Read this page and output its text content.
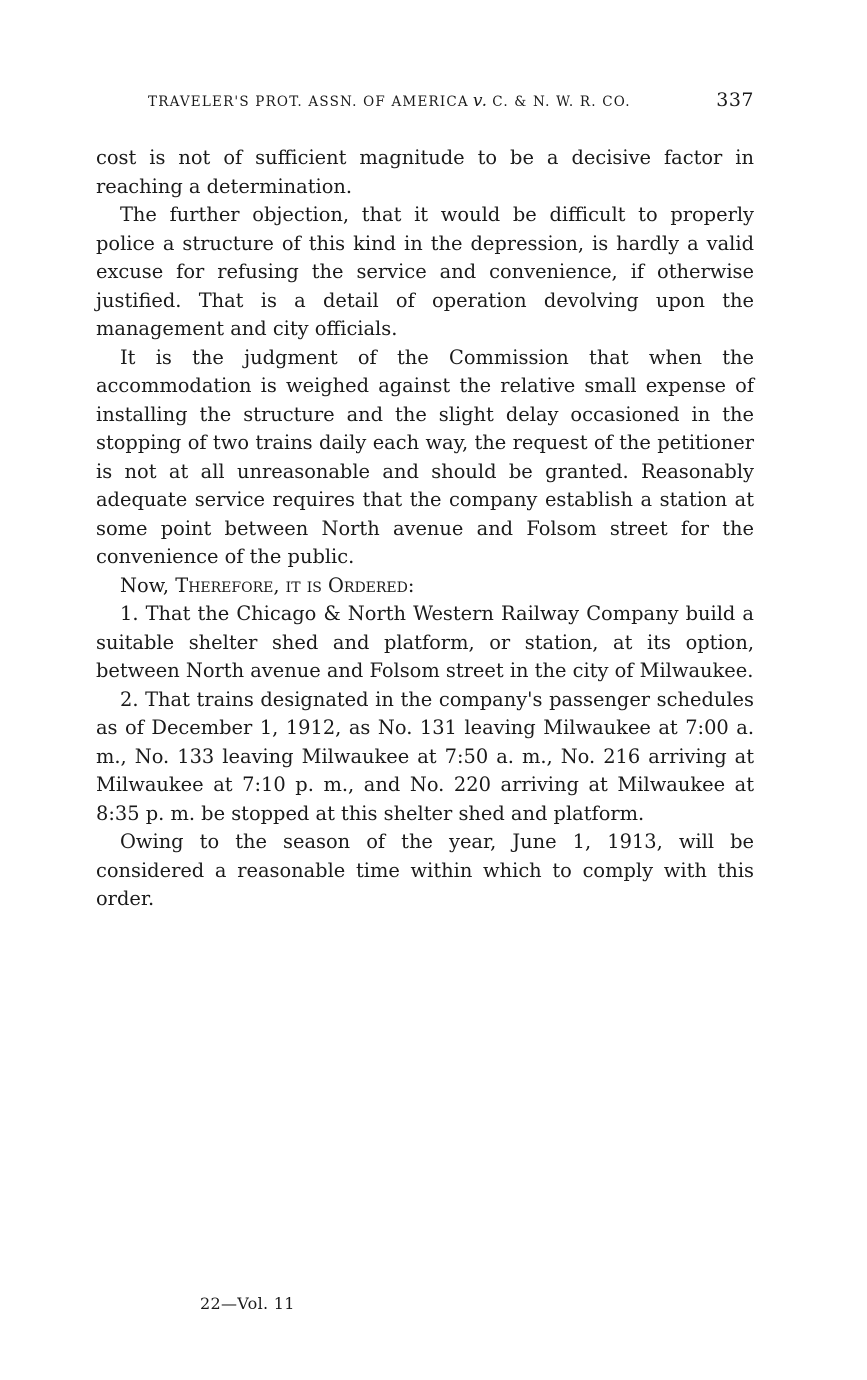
TRAVELER'S PROT. ASSN. OF AMERICA v. C. & N. W. R. CO.	337

cost is not of sufficient magnitude to be a decisive factor in reaching a determination.

The further objection, that it would be difficult to properly police a structure of this kind in the depression, is hardly a valid excuse for refusing the service and convenience, if otherwise justified. That is a detail of operation devolving upon the management and city officials.

It is the judgment of the Commission that when the accommodation is weighed against the relative small expense of installing the structure and the slight delay occasioned in the stopping of two trains daily each way, the request of the petitioner is not at all unreasonable and should be granted. Reasonably adequate service requires that the company establish a station at some point between North avenue and Folsom street for the convenience of the public.

Now, Therefore, it is Ordered:

1. That the Chicago & North Western Railway Company build a suitable shelter shed and platform, or station, at its option, between North avenue and Folsom street in the city of Milwaukee.

2. That trains designated in the company's passenger schedules as of December 1, 1912, as No. 131 leaving Milwaukee at 7:00 a. m., No. 133 leaving Milwaukee at 7:50 a. m., No. 216 arriving at Milwaukee at 7:10 p. m., and No. 220 arriving at Milwaukee at 8:35 p. m. be stopped at this shelter shed and platform.

Owing to the season of the year, June 1, 1913, will be considered a reasonable time within which to comply with this order.

22—Vol. 11
